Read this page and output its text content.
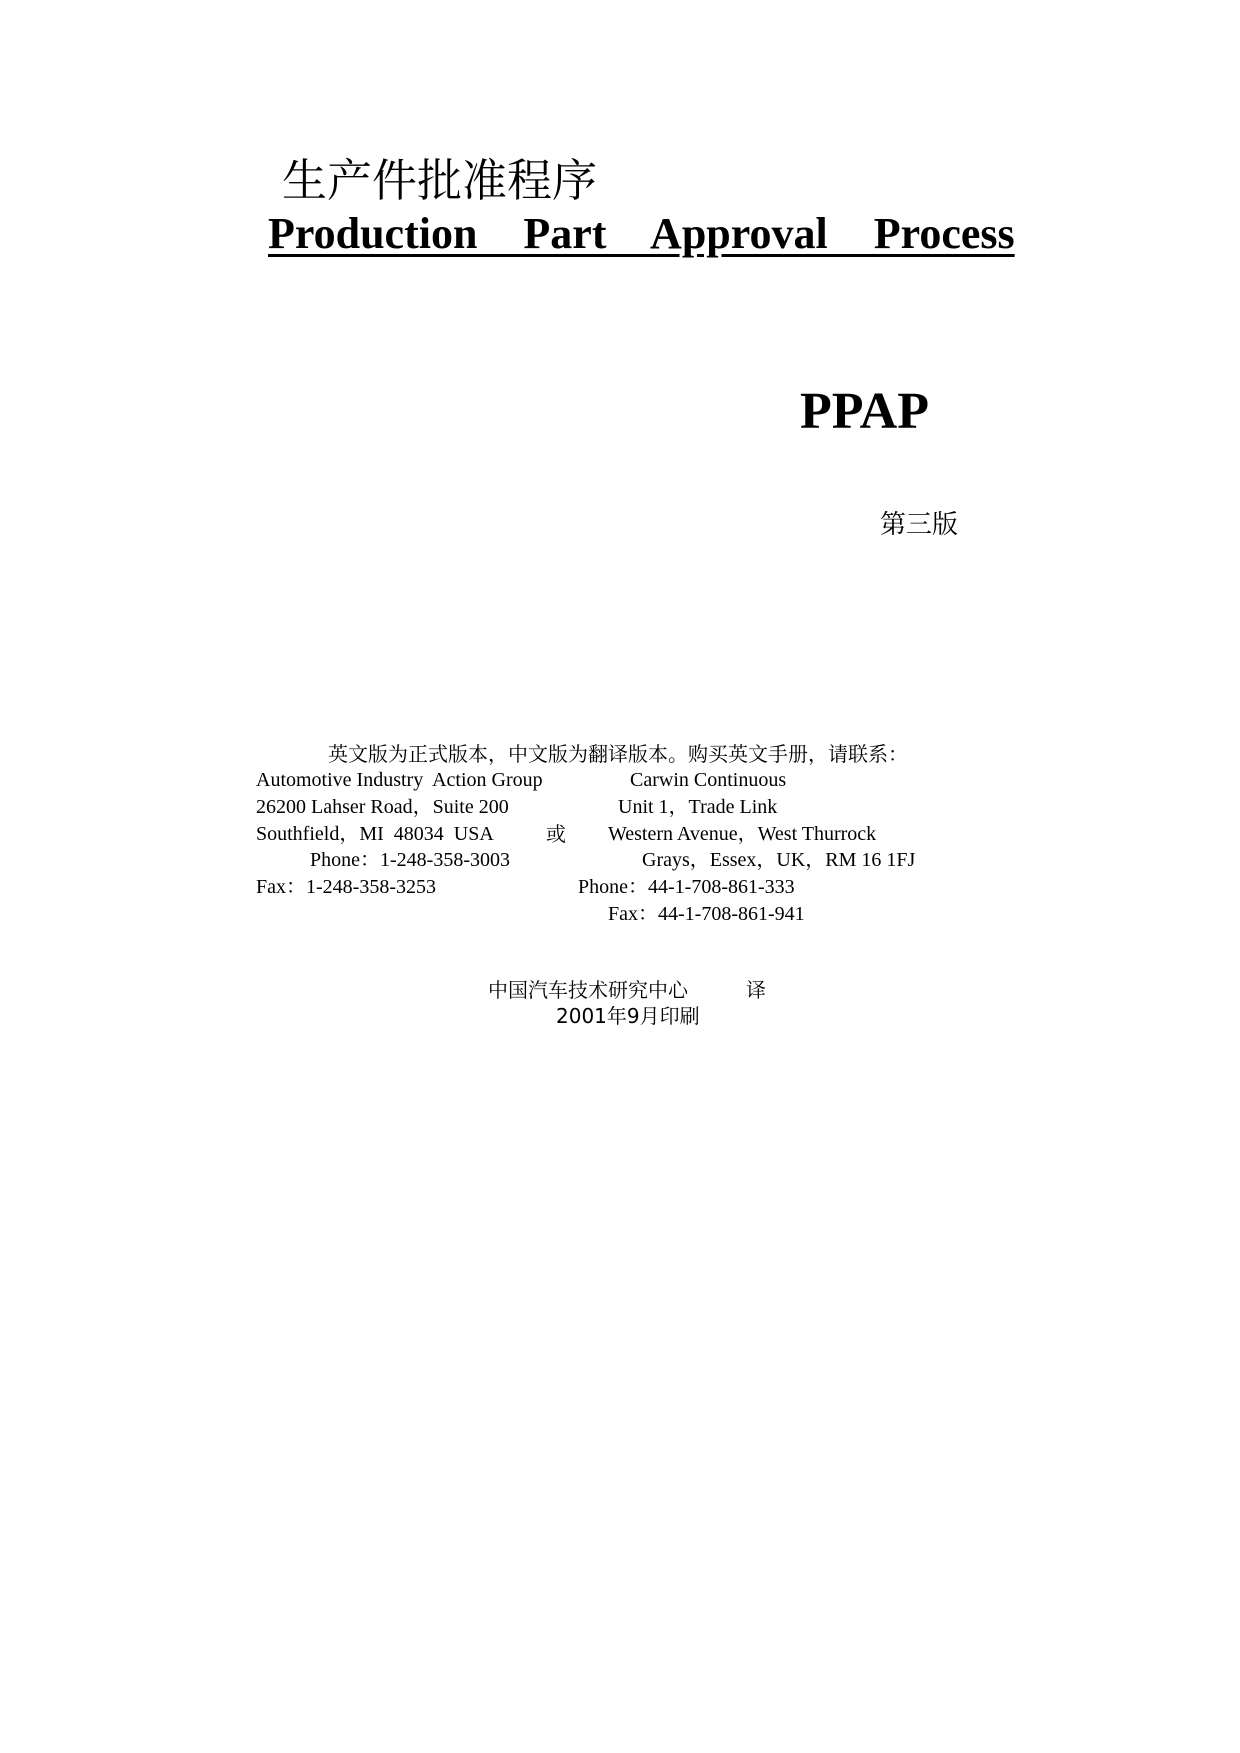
生产件批准程序
Production  Part  Approval  Process
PPAP
第三版
英文版为正式版本，中文版为翻译版本。购买英文手册，请联系：
Automotive Industry  Action Group
26200 Lahser Road，Suite 200
Southfield，MI  48034  USA
Phone：1-248-358-3003
Fax：1-248-358-3253
或
Carwin Continuous
Unit 1，Trade Link
Western Avenue，West Thurrock
Grays，Essex，UK，RM 16 1FJ
Phone：44-1-708-861-333
Fax：44-1-708-861-941
中国汽车技术研究中心	译
2001年9月印刷
